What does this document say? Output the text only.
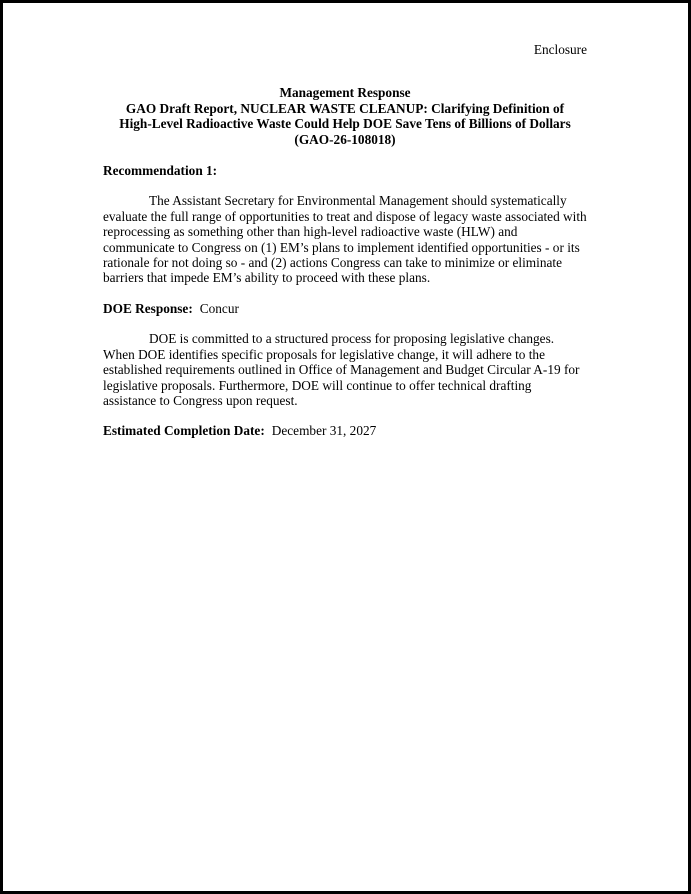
Enclosure
Management Response
GAO Draft Report, NUCLEAR WASTE CLEANUP: Clarifying Definition of
High-Level Radioactive Waste Could Help DOE Save Tens of Billions of Dollars
(GAO-26-108018)
Recommendation 1:

The Assistant Secretary for Environmental Management should systematically evaluate the full range of opportunities to treat and dispose of legacy waste associated with reprocessing as something other than high-level radioactive waste (HLW) and communicate to Congress on (1) EM’s plans to implement identified opportunities - or its rationale for not doing so - and (2) actions Congress can take to minimize or eliminate barriers that impede EM’s ability to proceed with these plans.

DOE Response: Concur

DOE is committed to a structured process for proposing legislative changes. When DOE identifies specific proposals for legislative change, it will adhere to the established requirements outlined in Office of Management and Budget Circular A-19 for legislative proposals. Furthermore, DOE will continue to offer technical drafting assistance to Congress upon request.

Estimated Completion Date: December 31, 2027
